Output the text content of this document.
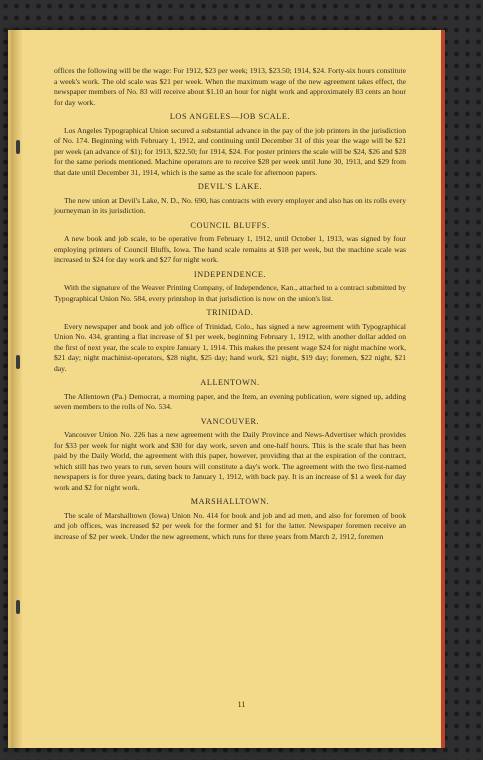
offices the following will be the wage: For 1912, $23 per week; 1913, $23.50; 1914, $24. Forty-six hours constitute a week's work. The old scale was $21 per week. When the maximum wage of the new agreement takes effect, the newspaper members of No. 83 will receive about $1.10 an hour for night work and approximately 83 cents an hour for day work.

LOS ANGELES—JOB SCALE.

Los Angeles Typographical Union secured a substantial advance in the pay of the job printers in the jurisdiction of No. 174. Beginning with February 1, 1912, and continuing until December 31 of this year the wage will be $21 per week (an advance of $1); for 1913, $22.50; for 1914, $24. For poster printers the scale will be $24, $26 and $28 for the same periods mentioned. Machine operators are to receive $28 per week until June 30, 1913, and $29 from that date until December 31, 1914, which is the same as the scale for afternoon papers.

DEVIL'S LAKE.

The new union at Devil's Lake, N. D., No. 690, has contracts with every employer and also has on its rolls every journeyman in its jurisdiction.

COUNCIL BLUFFS.

A new book and job scale, to be operative from February 1, 1912, until October 1, 1913, was signed by four employing printers of Council Bluffs, Iowa. The hand scale remains at $18 per week, but the machine scale was increased to $24 for day work and $27 for night work.

INDEPENDENCE.

With the signature of the Weaver Printing Company, of Independence, Kan., attached to a contract submitted by Typographical Union No. 584, every printshop in that jurisdiction is now on the union's list.

TRINIDAD.

Every newspaper and book and job office of Trinidad, Colo., has signed a new agreement with Typographical Union No. 434, granting a flat increase of $1 per week, beginning February 1, 1912, with another dollar added on the first of next year, the scale to expire January 1, 1914. This makes the present wage $24 for night machine work, $21 day; night machinist-operators, $28 night, $25 day; hand work, $21 night, $19 day; foremen, $22 night, $21 day.

ALLENTOWN.

The Allentown (Pa.) Democrat, a morning paper, and the Item, an evening publication, were signed up, adding seven members to the rolls of No. 534.

VANCOUVER.

Vancouver Union No. 226 has a new agreement with the Daily Province and News-Advertiser which provides for $33 per week for night work and $30 for day work, seven and one-half hours. This is the scale that has been paid by the Daily World, the agreement with this paper, however, providing that at the expiration of the contract, which still has two years to run, seven hours will constitute a day's work. The agreement with the two first-named newspapers is for three years, dating back to January 1, 1912, with back pay. It is an increase of $1 a week for day work and $2 for night work.

MARSHALLTOWN.

The scale of Marshalltown (Iowa) Union No. 414 for book and job and ad men, and also for foremen of book and job offices, was increased $2 per week for the former and $1 for the latter. Newspaper foremen receive an increase of $2 per week. Under the new agreement, which runs for three years from March 2, 1912, foremen

11
